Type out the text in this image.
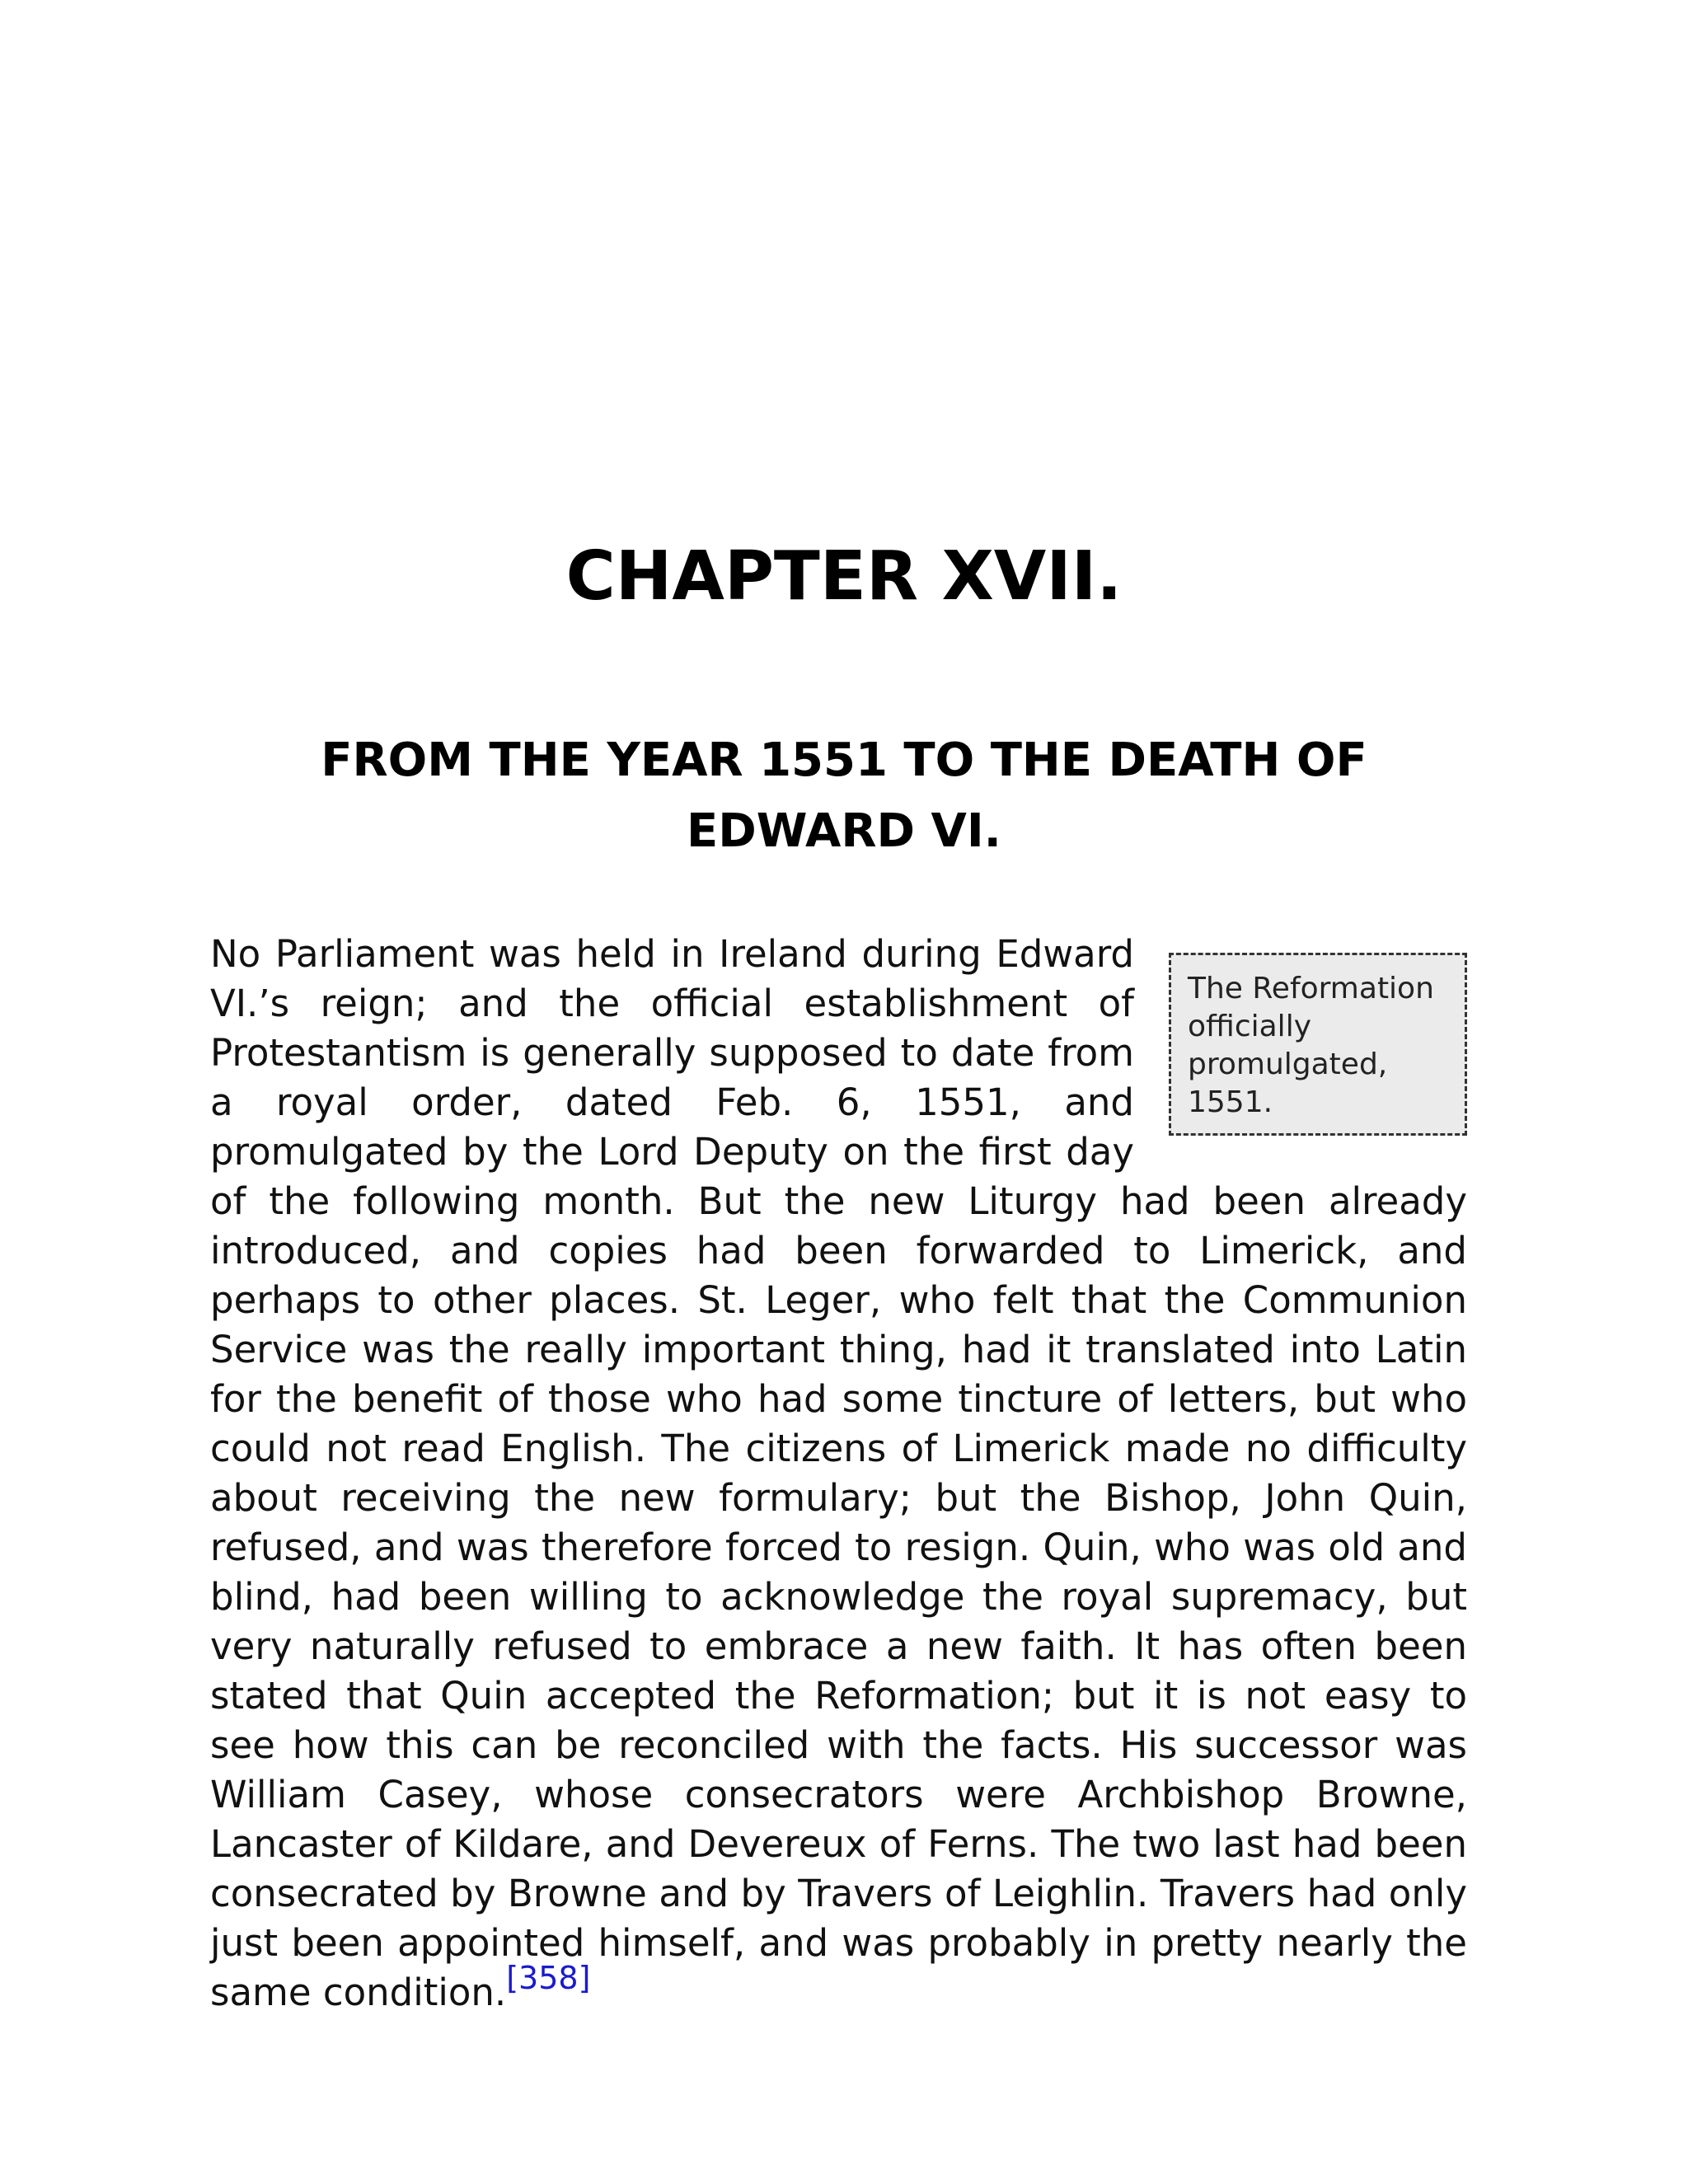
CHAPTER XVII.
FROM THE YEAR 1551 TO THE DEATH OF EDWARD VI.
The Reformation officially promulgated, 1551.
No Parliament was held in Ireland during Edward VI.’s reign; and the official establishment of Protestantism is generally supposed to date from a royal order, dated Feb. 6, 1551, and promulgated by the Lord Deputy on the first day of the following month. But the new Liturgy had been already introduced, and copies had been forwarded to Limerick, and perhaps to other places. St. Leger, who felt that the Communion Service was the really important thing, had it translated into Latin for the benefit of those who had some tincture of letters, but who could not read English. The citizens of Limerick made no difficulty about receiving the new formulary; but the Bishop, John Quin, refused, and was therefore forced to resign. Quin, who was old and blind, had been willing to acknowledge the royal supremacy, but very naturally refused to embrace a new faith. It has often been stated that Quin accepted the Reformation; but it is not easy to see how this can be reconciled with the facts. His successor was William Casey, whose consecrators were Archbishop Browne, Lancaster of Kildare, and Devereux of Ferns. The two last had been consecrated by Browne and by Travers of Leighlin. Travers had only just been appointed himself, and was probably in pretty nearly the same condition.[358]
